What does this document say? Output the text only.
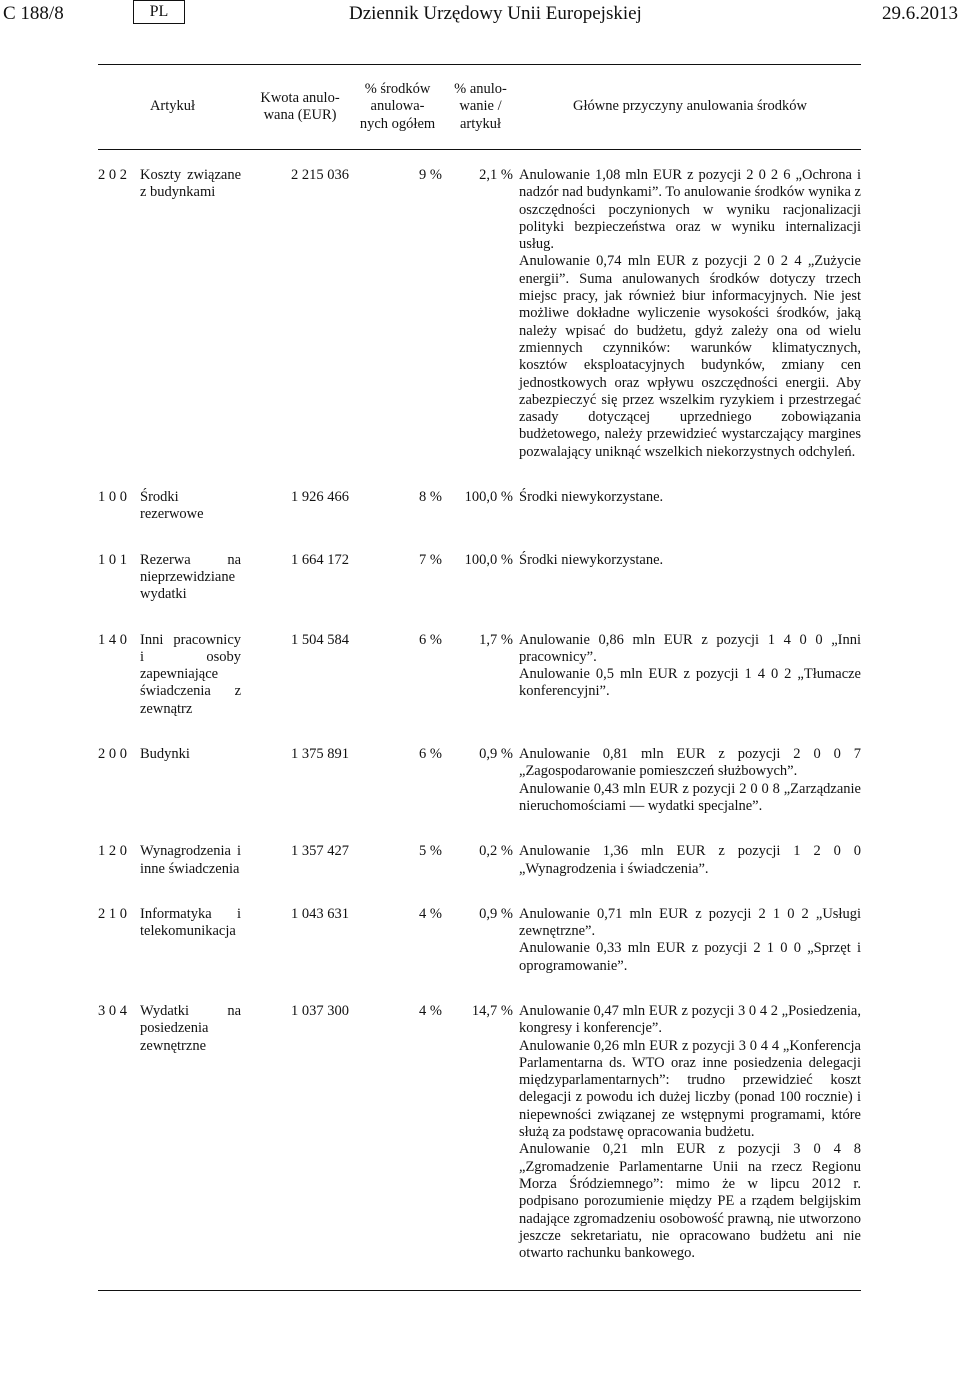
C 188/8	PL	Dziennik Urzędowy Unii Europejskiej	29.6.2013
Artykuł		Kwota anulo-wana (EUR)	% środków anulowa-nych ogółem	% anulo-wanie / artykuł	Główne przyczyny anulowania środków
2 0 2	Koszty związane z budynkami	2 215 036	9 %	2,1 %	Anulowanie 1,08 mln EUR z pozycji 2 0 2 6 „Ochrona i nadzór nad budynkami”. To anulowanie środków wynika z oszczędności poczynionych w wyniku racjonalizacji polityki bezpieczeństwa oraz w wyniku internalizacji usług.

Anulowanie 0,74 mln EUR z pozycji 2 0 2 4 „Zużycie energii”. Suma anulowanych środków dotyczy trzech miejsc pracy, jak również biur informacyjnych. Nie jest możliwe dokładne wyliczenie wysokości środków, jaką należy wpisać do budżetu, gdyż zależy ona od wielu zmiennych czynników: warunków klimatycznych, kosztów eksploatacyjnych budynków, zmiany cen jednostkowych oraz wpływu oszczędności energii. Aby zabezpieczyć się przez wszelkim ryzykiem i przestrzegać zasady dotyczącej uprzedniego zobowiązania budżetowego, należy przewidzieć wystarczający margines pozwalający uniknąć wszelkich niekorzystnych odchyleń.

1 0 0	Środki rezerwowe	1 926 466	8 %	100,0 %	Środki niewykorzystane.

1 0 1	Rezerwa na nieprzewidziane wydatki	1 664 172	7 %	100,0 %	Środki niewykorzystane.

1 4 0	Inni pracownicy i osoby zapewniające świadczenia z zewnątrz	1 504 584	6 %	1,7 %	Anulowanie 0,86 mln EUR z pozycji 1 4 0 0 „Inni pracownicy”.

Anulowanie 0,5 mln EUR z pozycji 1 4 0 2 „Tłumacze konferencyjni”.

2 0 0	Budynki	1 375 891	6 %	0,9 %	Anulowanie 0,81 mln EUR z pozycji 2 0 0 7 „Zagospodarowanie pomieszczeń służbowych”.

Anulowanie 0,43 mln EUR z pozycji 2 0 0 8 „Zarządzanie nieruchomościami — wydatki specjalne”.

1 2 0	Wynagrodzenia i inne świadczenia	1 357 427	5 %	0,2 %	Anulowanie 1,36 mln EUR z pozycji 1 2 0 0 „Wynagrodzenia i świadczenia”.

2 1 0	Informatyka i telekomunikacja	1 043 631	4 %	0,9 %	Anulowanie 0,71 mln EUR z pozycji 2 1 0 2 „Usługi zewnętrzne”.

Anulowanie 0,33 mln EUR z pozycji 2 1 0 0 „Sprzęt i oprogramowanie”.

3 0 4	Wydatki na posiedzenia zewnętrzne	1 037 300	4 %	14,7 %	Anulowanie 0,47 mln EUR z pozycji 3 0 4 2 „Posiedzenia, kongresy i konferencje”.

Anulowanie 0,26 mln EUR z pozycji 3 0 4 4 „Konferencja Parlamentarna ds. WTO oraz inne posiedzenia delegacji międzyparlamentarnych”: trudno przewidzieć koszt delegacji z powodu ich dużej liczby (ponad 100 rocznie) i niepewności związanej ze wstępnymi programami, które służą za podstawę opracowania budżetu.

Anulowanie 0,21 mln EUR z pozycji 3 0 4 8 „Zgromadzenie Parlamentarne Unii na rzecz Regionu Morza Śródziemnego”: mimo że w lipcu 2012 r. podpisano porozumienie między PE a rządem belgijskim nadające zgromadzeniu osobowość prawną, nie utworzono jeszcze sekretariatu, nie opracowano budżetu ani nie otwarto rachunku bankowego.
